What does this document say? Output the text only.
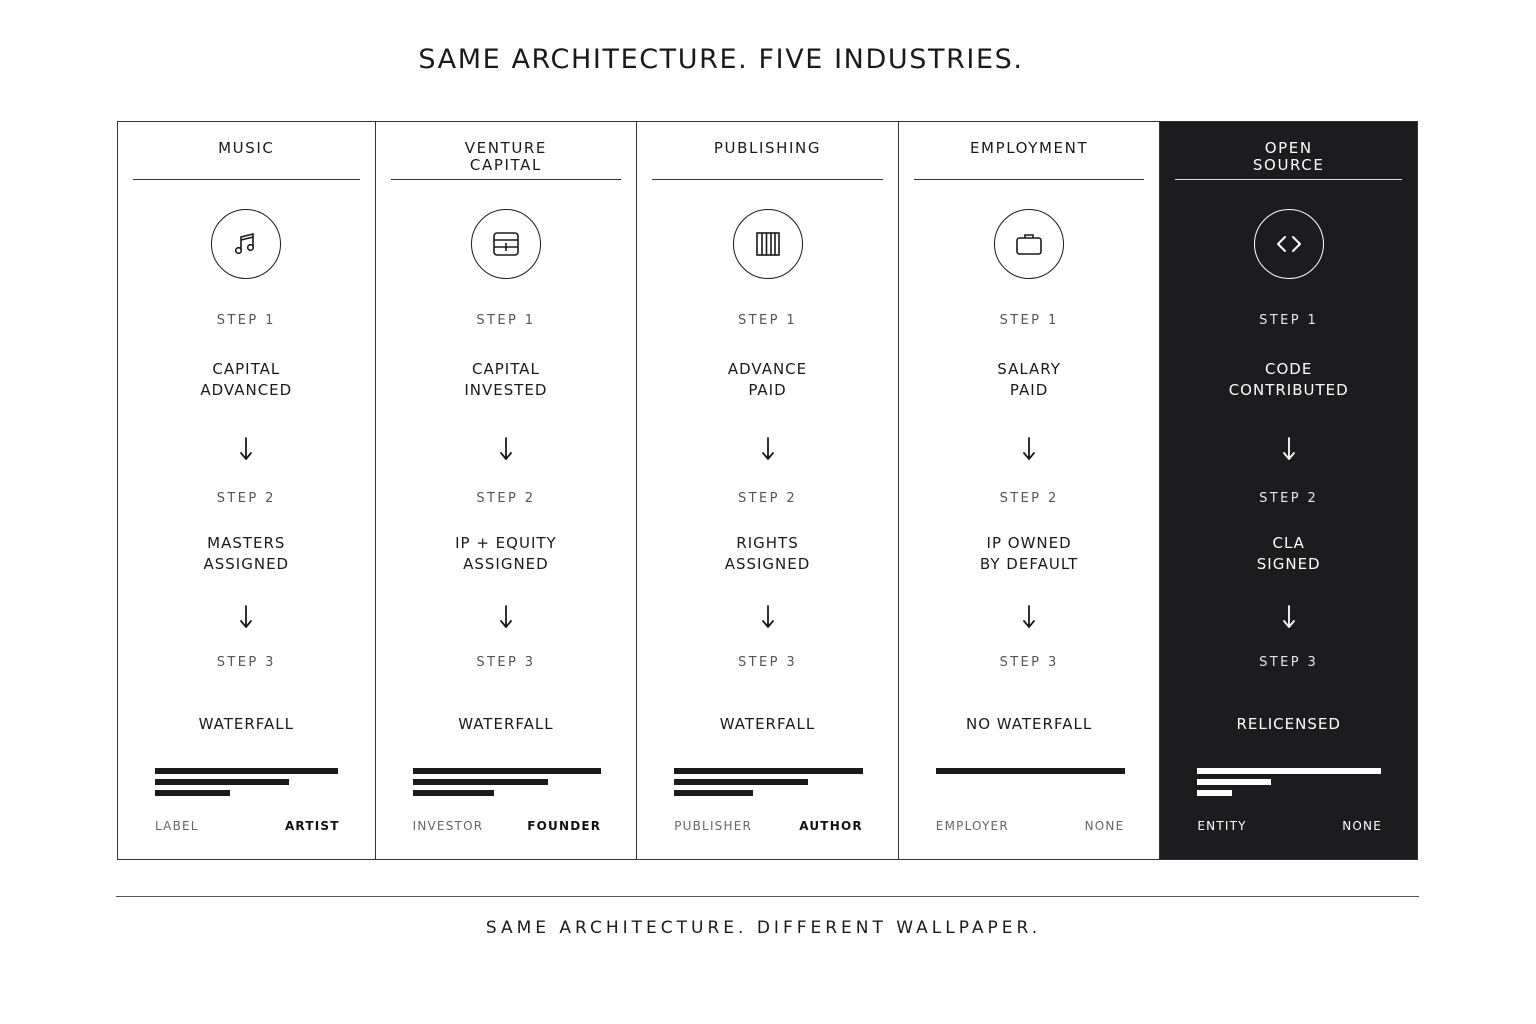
SAME ARCHITECTURE. FIVE INDUSTRIES.
MUSIC
STEP 1
CAPITAL
ADVANCED
STEP 2
MASTERS
ASSIGNED
STEP 3
WATERFALL
LABEL	ARTIST
VENTURE
CAPITAL
STEP 1
CAPITAL
INVESTED
STEP 2
IP + EQUITY
ASSIGNED
STEP 3
WATERFALL
INVESTOR	FOUNDER
PUBLISHING
STEP 1
ADVANCE
PAID
STEP 2
RIGHTS
ASSIGNED
STEP 3
WATERFALL
PUBLISHER	AUTHOR
EMPLOYMENT
STEP 1
SALARY
PAID
STEP 2
IP OWNED
BY DEFAULT
STEP 3
NO WATERFALL
EMPLOYER	NONE
OPEN
SOURCE
STEP 1
CODE
CONTRIBUTED
STEP 2
CLA
SIGNED
STEP 3
RELICENSED
ENTITY	NONE

SAME ARCHITECTURE. DIFFERENT WALLPAPER.
